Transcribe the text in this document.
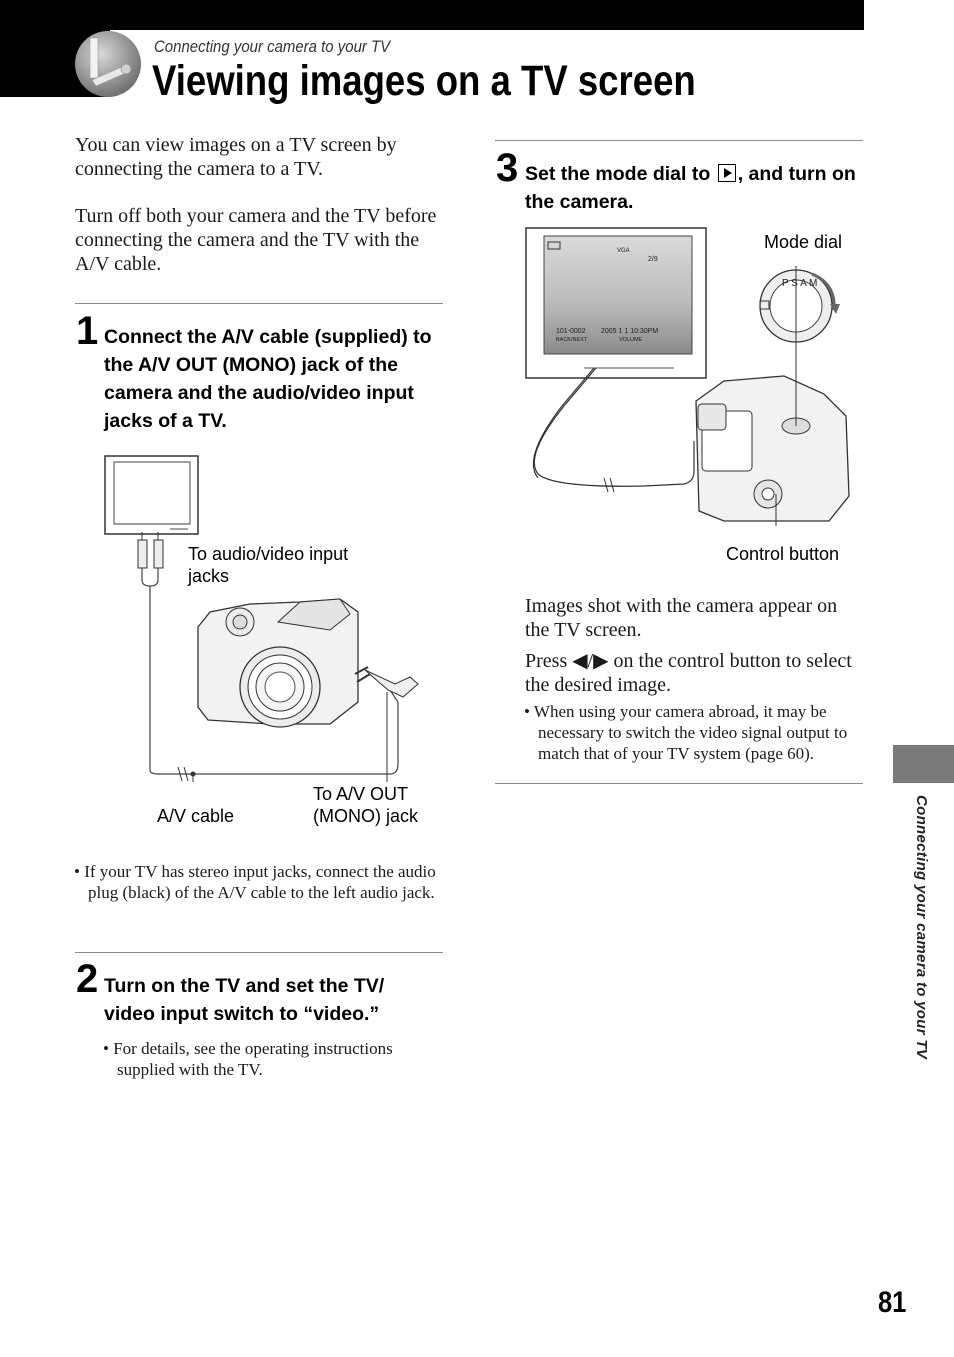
Connecting your camera to your TV
Viewing images on a TV screen
You can view images on a TV screen by connecting the camera to a TV.
Turn off both your camera and the TV before connecting the camera and the TV with the A/V cable.
1 Connect the A/V cable (supplied) to the A/V OUT (MONO) jack of the camera and the audio/video input jacks of a TV.
To audio/video input
jacks
A/V cable
To A/V OUT
(MONO) jack
• If your TV has stereo input jacks, connect the audio plug (black) of the A/V cable to the left audio jack.
2 Turn on the TV and set the TV/ video input switch to “video.”
• For details, see the operating instructions supplied with the TV.
3 Set the mode dial to , and turn on the camera.
VGA
2/9
101-0002 2005 1 1 10:30PM
BACK/NEXT	VOLUME
P S A M
Mode dial
Control button
Images shot with the camera appear on the TV screen.
Press ◀/▶ on the control button to select the desired image.
• When using your camera abroad, it may be necessary to switch the video signal output to match that of your TV system (page 60).
Connecting your camera to your TV
81
